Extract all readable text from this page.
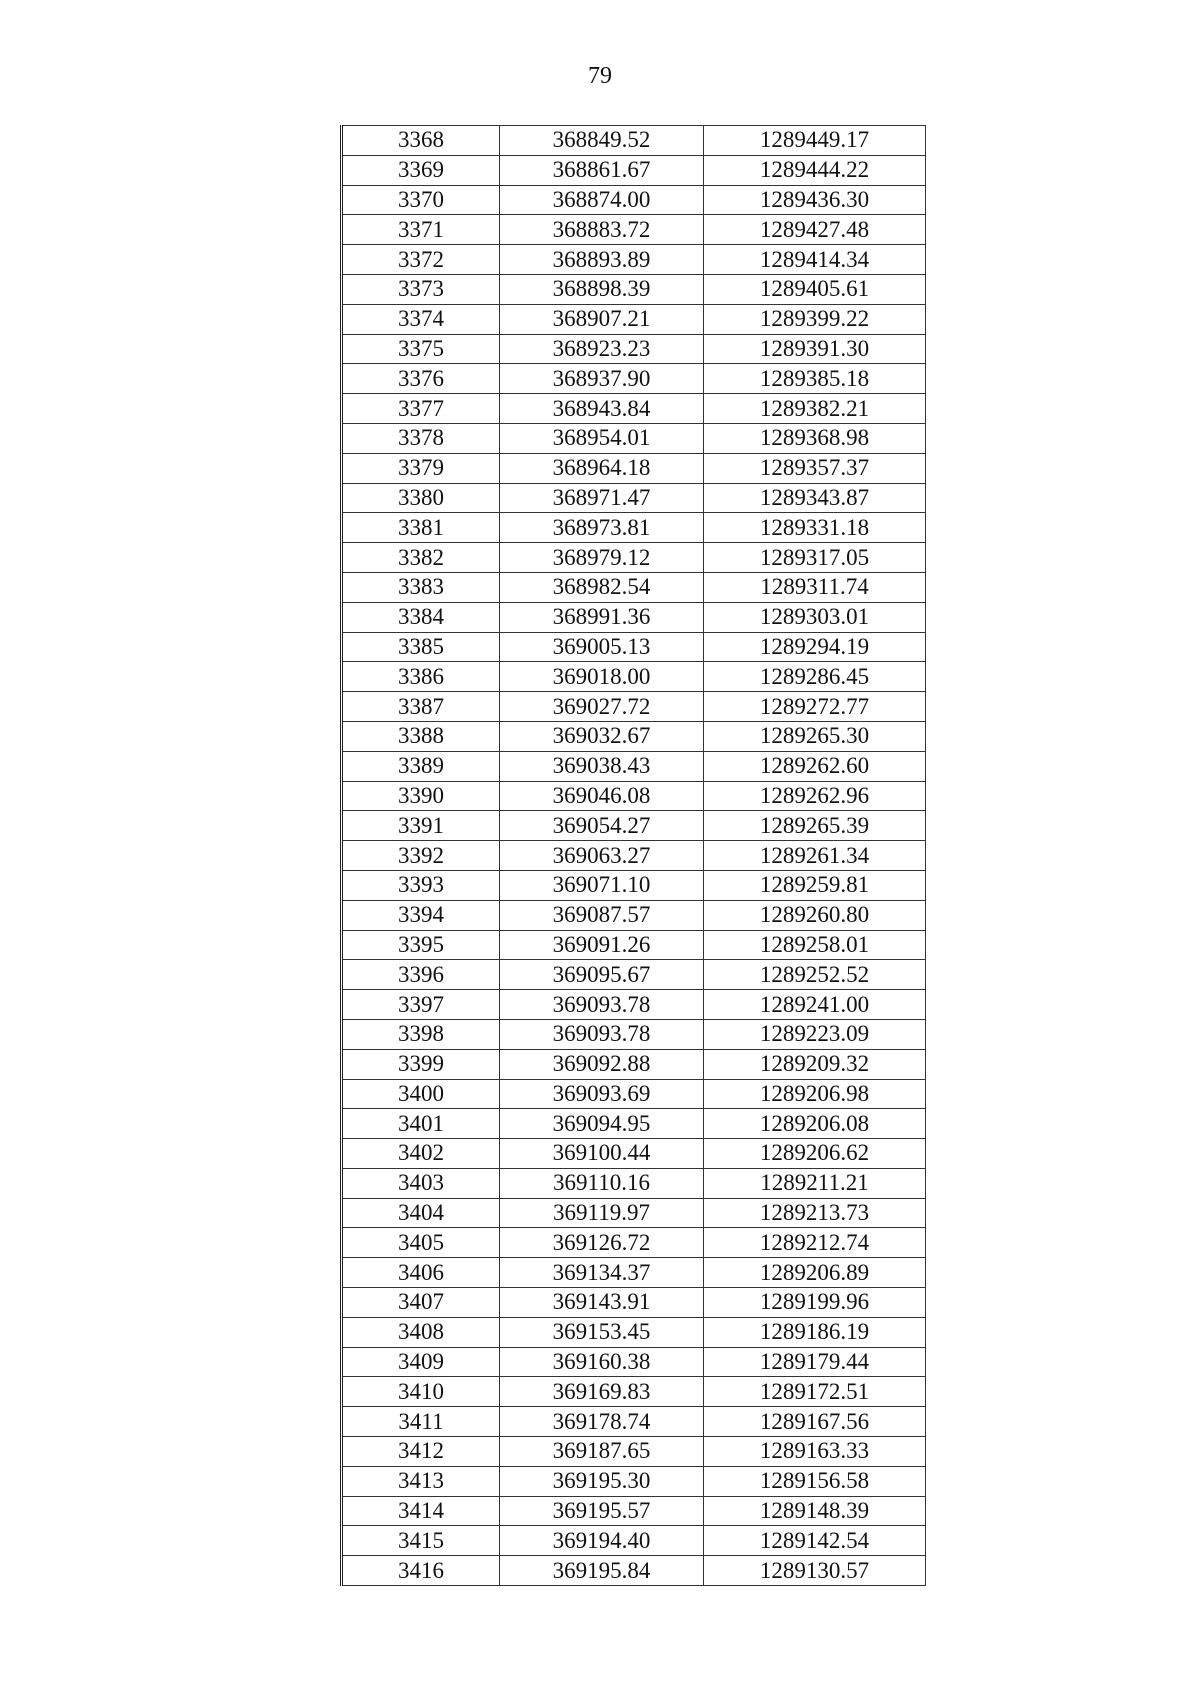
79
3368	368849.52	1289449.17
3369	368861.67	1289444.22
3370	368874.00	1289436.30
3371	368883.72	1289427.48
3372	368893.89	1289414.34
3373	368898.39	1289405.61
3374	368907.21	1289399.22
3375	368923.23	1289391.30
3376	368937.90	1289385.18
3377	368943.84	1289382.21
3378	368954.01	1289368.98
3379	368964.18	1289357.37
3380	368971.47	1289343.87
3381	368973.81	1289331.18
3382	368979.12	1289317.05
3383	368982.54	1289311.74
3384	368991.36	1289303.01
3385	369005.13	1289294.19
3386	369018.00	1289286.45
3387	369027.72	1289272.77
3388	369032.67	1289265.30
3389	369038.43	1289262.60
3390	369046.08	1289262.96
3391	369054.27	1289265.39
3392	369063.27	1289261.34
3393	369071.10	1289259.81
3394	369087.57	1289260.80
3395	369091.26	1289258.01
3396	369095.67	1289252.52
3397	369093.78	1289241.00
3398	369093.78	1289223.09
3399	369092.88	1289209.32
3400	369093.69	1289206.98
3401	369094.95	1289206.08
3402	369100.44	1289206.62
3403	369110.16	1289211.21
3404	369119.97	1289213.73
3405	369126.72	1289212.74
3406	369134.37	1289206.89
3407	369143.91	1289199.96
3408	369153.45	1289186.19
3409	369160.38	1289179.44
3410	369169.83	1289172.51
3411	369178.74	1289167.56
3412	369187.65	1289163.33
3413	369195.30	1289156.58
3414	369195.57	1289148.39
3415	369194.40	1289142.54
3416	369195.84	1289130.57
